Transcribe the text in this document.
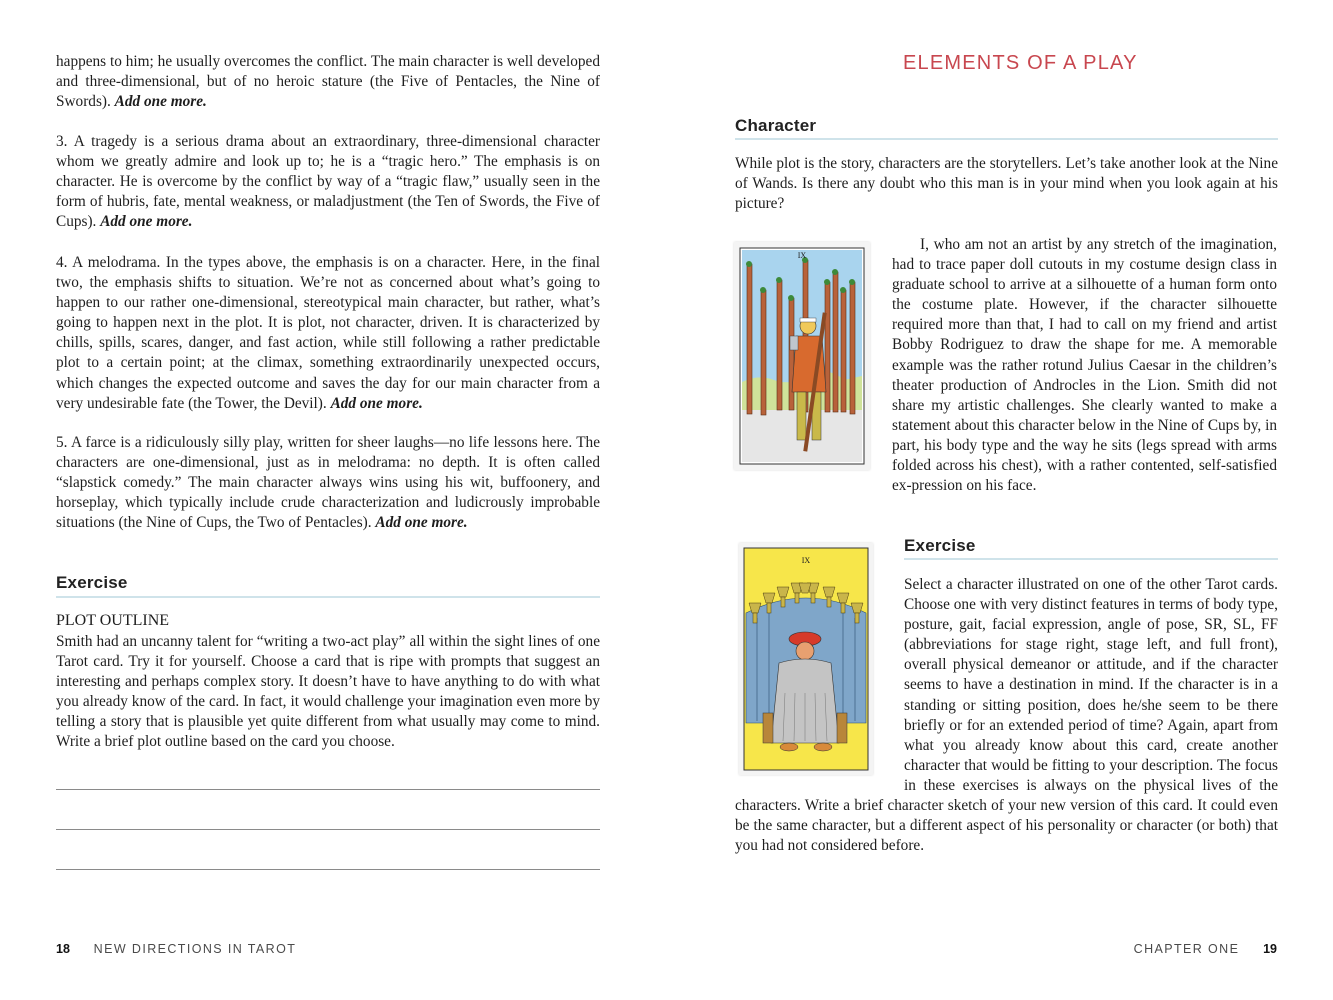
happens to him; he usually overcomes the conflict. The main character is well developed and three-dimensional, but of no heroic stature (the Five of Pentacles, the Nine of Swords). Add one more.

3. A tragedy is a serious drama about an extraordinary, three-dimensional character whom we greatly admire and look up to; he is a “tragic hero.” The emphasis is on character. He is overcome by the conflict by way of a “tragic flaw,” usually seen in the form of hubris, fate, mental weakness, or maladjustment (the Ten of Swords, the Five of Cups). Add one more.

4. A melodrama. In the types above, the emphasis is on a character. Here, in the final two, the emphasis shifts to situation. We’re not as concerned about what’s going to happen to our rather one-dimensional, stereotypical main character, but rather, what’s going to happen next in the plot. It is plot, not character, driven. It is characterized by chills, spills, scares, danger, and fast action, while still following a rather predictable plot to a certain point; at the climax, something extraordinarily unexpected occurs, which changes the expected outcome and saves the day for our main character from a very undesirable fate (the Tower, the Devil). Add one more.

5. A farce is a ridiculously silly play, written for sheer laughs—no life lessons here. The characters are one-dimensional, just as in melodrama: no depth. It is often called “slapstick comedy.” The main character always wins using his wit, buffoonery, and horseplay, which typically include crude characterization and ludicrously improbable situations (the Nine of Cups, the Two of Pentacles). Add one more.

Exercise
PLOT OUTLINE
Smith had an uncanny talent for “writing a two-act play” all within the sight lines of one Tarot card. Try it for yourself. Choose a card that is ripe with prompts that suggest an interesting and perhaps complex story. It doesn’t have to have anything to do with what you already know of the card. In fact, it would challenge your imagination even more by telling a story that is plausible yet quite different from what usually may come to mind. Write a brief plot outline based on the card you choose.
18 NEW DIRECTIONS IN TAROT
ELEMENTS OF A PLAY
Character
While plot is the story, characters are the storytellers. Let’s take another look at the Nine of Wands. Is there any doubt who this man is in your mind when you look again at his picture?
IX

I, who am not an artist by any stretch of the imagination, had to trace paper doll cutouts in my costume design class in graduate school to arrive at a silhouette of a human form onto the costume plate. However, if the character silhouette required more than that, I had to call on my friend and artist Bobby Rodriguez to draw the shape for me. A memorable example was the rather rotund Julius Caesar in the children’s theater production of Androcles in the Lion. Smith did not share my artistic challenges. She clearly wanted to make a statement about this character below in the Nine of Cups by, in part, his body type and the way he sits (legs spread with arms folded across his chest), with a rather contented, self-satisfied ex-pression on his face.

IX
Exercise

Select a character illustrated on one of the other Tarot cards. Choose one with very distinct features in terms of body type, posture, gait, facial expression, angle of pose, SR, SL, FF (abbreviations for stage right, stage left, and full front), overall physical demeanor or attitude, and if the character seems to have a destination in mind. If the character is in a standing or sitting position, does he/she seem to be there briefly or for an extended period of time? Again, apart from what you already know about this card, create another character that would be fitting to your description. The focus in these exercises is always on the physical lives of the characters. Write a brief character sketch of your new version of this card. It could even be the same character, but a different aspect of his personality or character (or both) that you had not considered before.

CHAPTER ONE 19
